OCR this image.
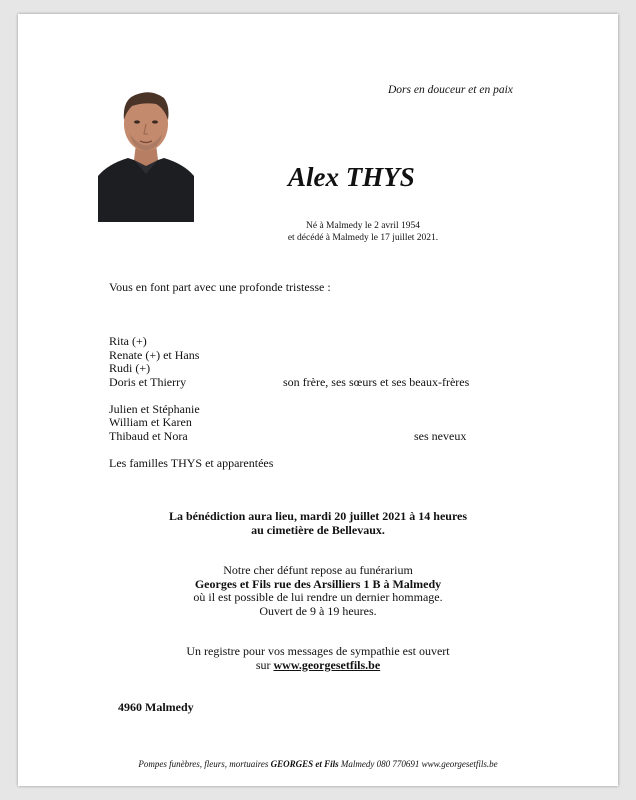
Dors en douceur et en paix
Alex THYS
Né à Malmedy le 2 avril 1954
et décédé à Malmedy le 17 juillet 2021.
Vous en font part avec une profonde tristesse :
Rita (+)
Renate (+) et Hans
Rudi (+)
Doris et Thierry	son frère, ses sœurs et ses beaux-frères
Julien et Stéphanie
William et Karen
Thibaud et Nora	ses neveux
Les familles THYS et apparentées
La bénédiction aura lieu, mardi 20 juillet 2021 à 14 heures
au cimetière de Bellevaux.
Notre cher défunt repose au funérarium
Georges et Fils rue des Arsilliers 1 B à Malmedy
où il est possible de lui rendre un dernier hommage.
Ouvert de 9 à 19 heures.
Un registre pour vos messages de sympathie est ouvert
sur www.georgesetfils.be
4960 Malmedy
Pompes funèbres, fleurs, mortuaires GEORGES et Fils Malmedy 080 770691 www.georgesetfils.be
